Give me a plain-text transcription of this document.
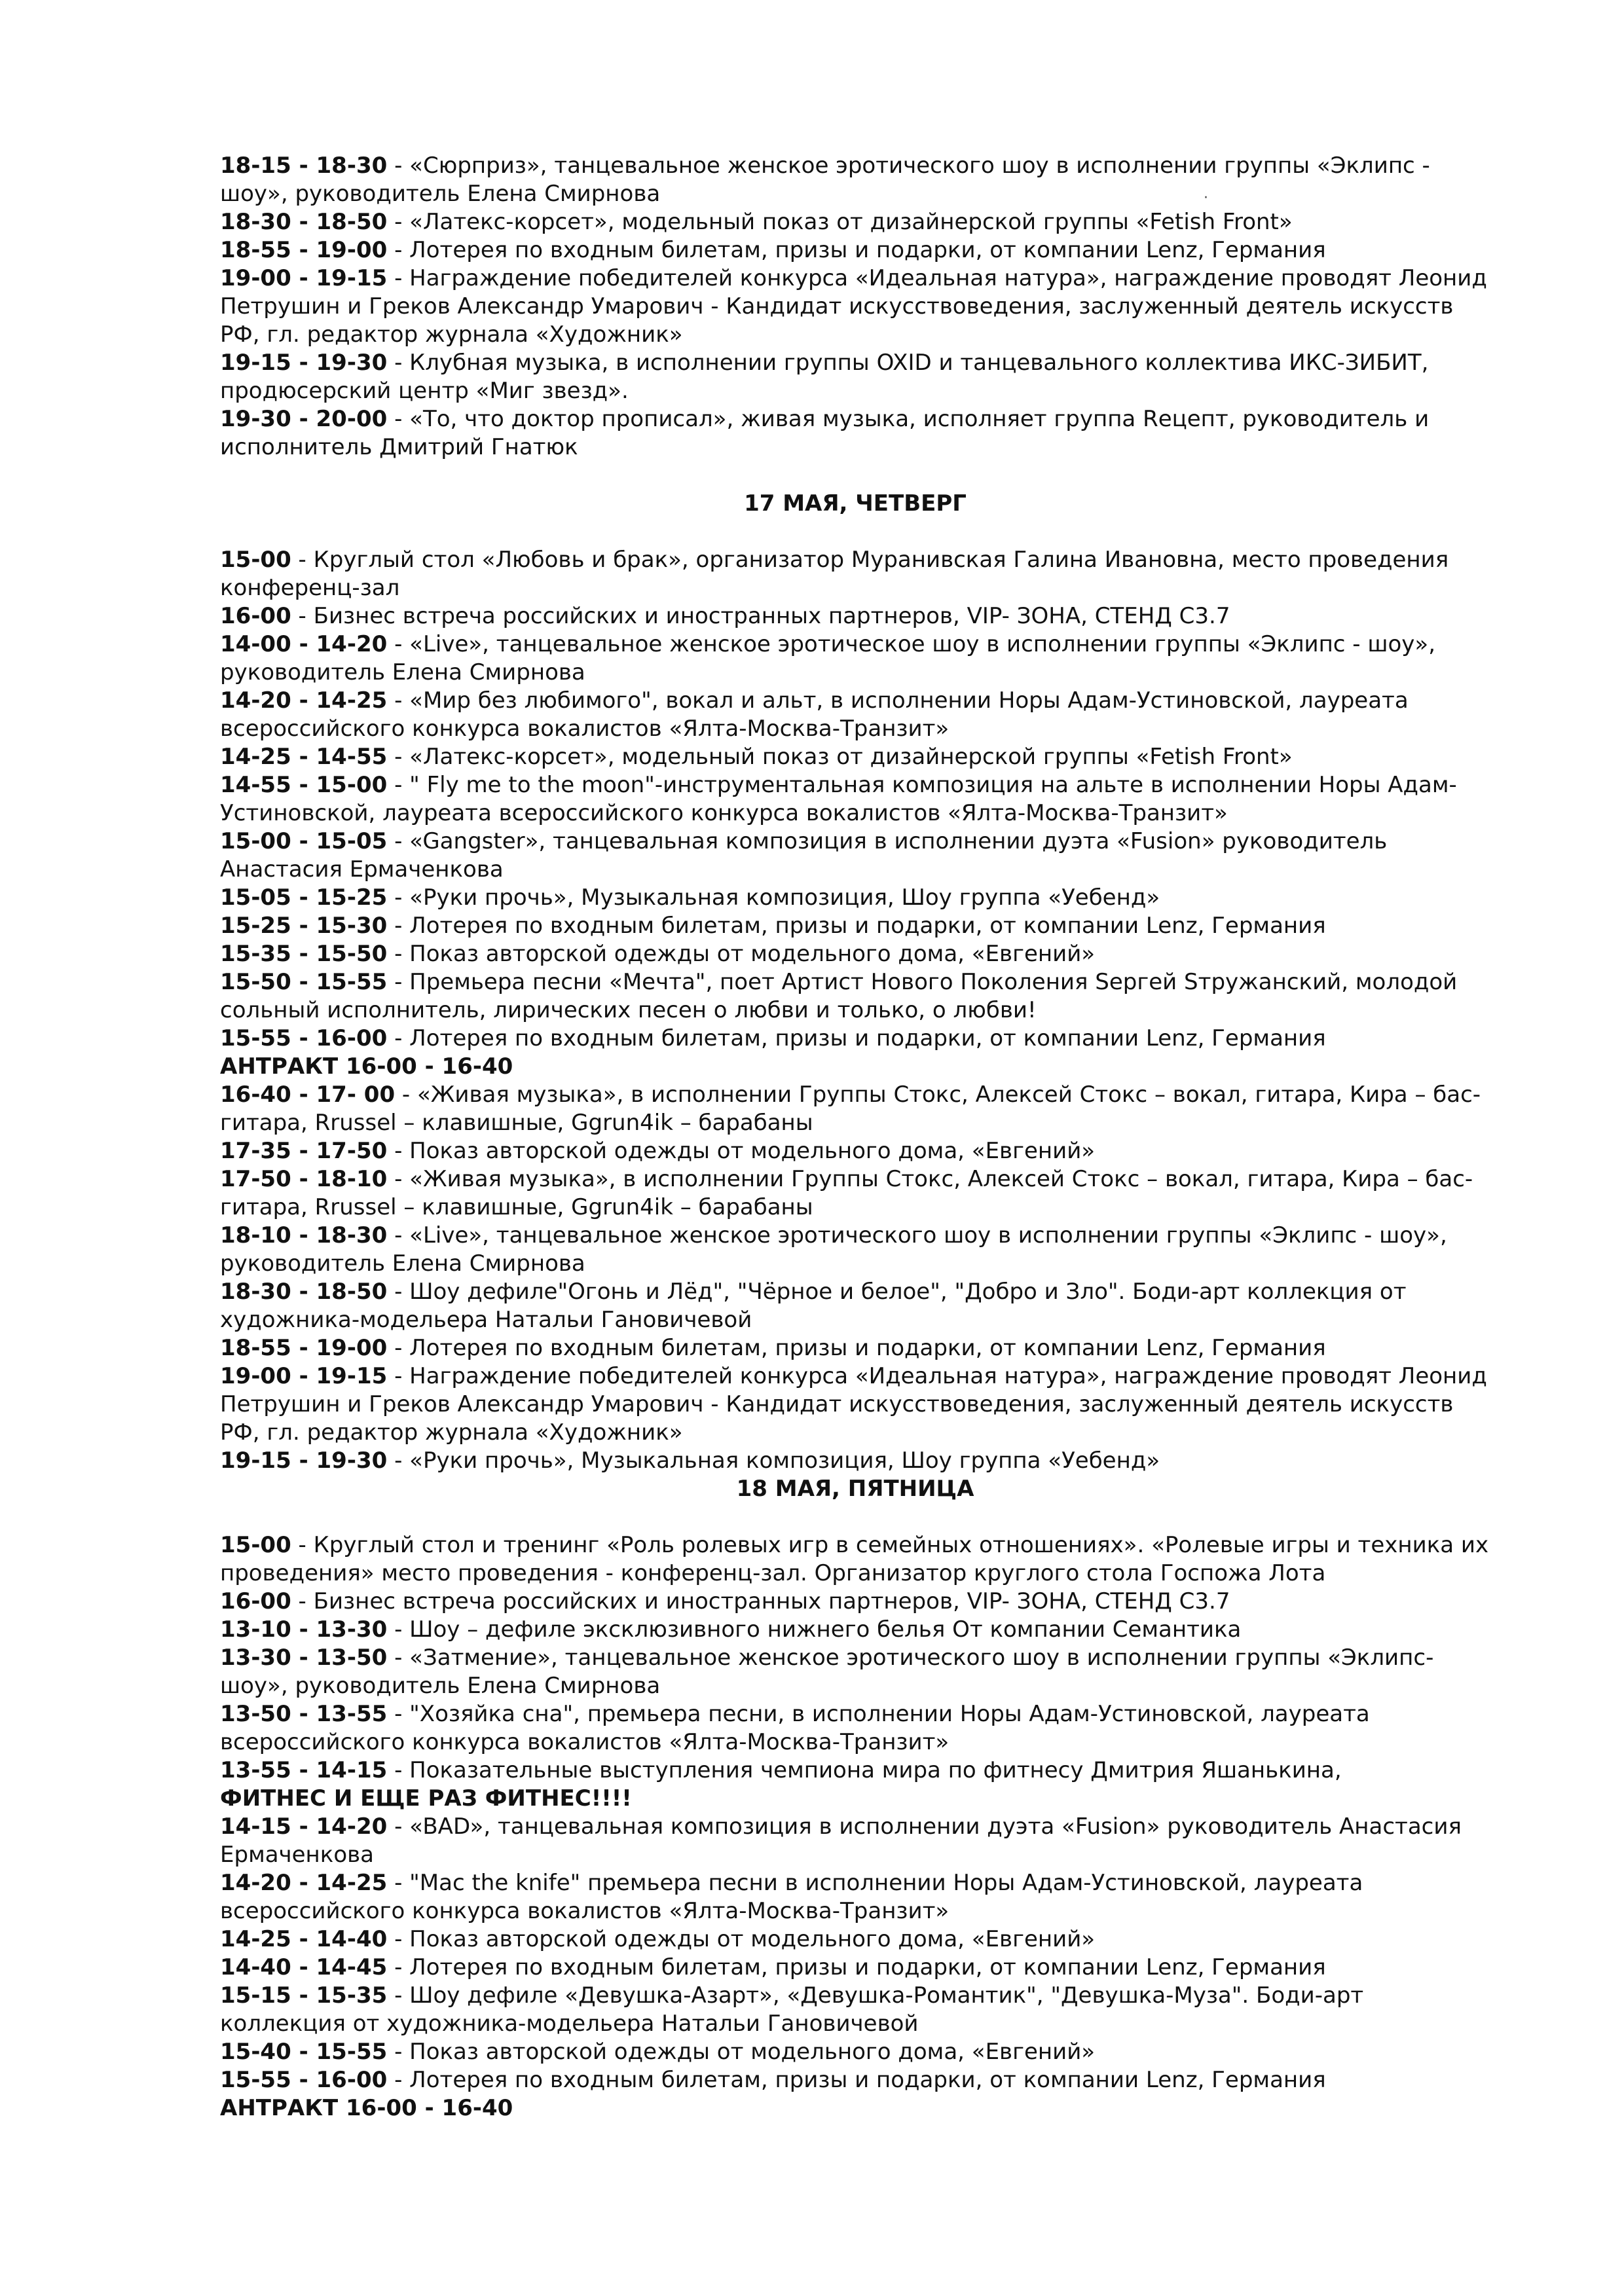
18-15 - 18-30 - «Сюрприз», танцевальное женское эротического шоу в исполнении группы «Эклипс - шоу», руководитель Елена Смирнова

18-30 - 18-50 - «Латекс-корсет», модельный показ от дизайнерской группы «Fetish Front»

18-55 - 19-00 - Лотерея по входным билетам, призы и подарки, от компании Lenz, Германия

19-00 - 19-15 - Награждение победителей конкурса «Идеальная натура», награждение проводят Леонид Петрушин и Греков Александр Умарович - Кандидат искусствоведения, заслуженный деятель искусств РФ, гл. редактор журнала «Художник»

19-15 - 19-30 - Клубная музыка, в исполнении группы OXID и танцевального коллектива ИКС-ЗИБИТ, продюсерский центр «Миг звезд».

19-30 - 20-00 - «То, что доктор прописал», живая музыка, исполняет группа Rецепт, руководитель и исполнитель Дмитрий Гнатюк

17 МАЯ, ЧЕТВЕРГ

15-00 - Круглый стол «Любовь и брак», организатор Муранивская Галина Ивановна, место проведения конференц-зал

16-00 - Бизнес встреча российских и иностранных партнеров, VIP- ЗОНА, СТЕНД С3.7

14-00 - 14-20 - «Live», танцевальное женское эротическое шоу в исполнении группы «Эклипс - шоу», руководитель Елена Смирнова

14-20 - 14-25 - «Мир без любимого", вокал и альт, в исполнении Норы Адам-Устиновской, лауреата всероссийского конкурса вокалистов «Ялта-Москва-Транзит»

14-25 - 14-55 - «Латекс-корсет», модельный показ от дизайнерской группы «Fetish Front»

14-55 - 15-00 - " Fly me to the moon"-инструментальная композиция на альте в исполнении Норы Адам-Устиновской, лауреата всероссийского конкурса вокалистов «Ялта-Москва-Транзит»

15-00 - 15-05 - «Gangster», танцевальная композиция в исполнении дуэта «Fusion» руководитель Анастасия Ермаченкова

15-05 - 15-25 - «Руки прочь», Музыкальная композиция, Шоу группа «Уебенд»

15-25 - 15-30 - Лотерея по входным билетам, призы и подарки, от компании Lenz, Германия

15-35 - 15-50 - Показ авторской одежды от модельного дома, «Евгений»

15-50 - 15-55 - Премьера песни «Мечта", поет Артист Нового Поколения Sергей Sтружанский, молодой сольный исполнитель, лирических песен о любви и только, о любви!

15-55 - 16-00 - Лотерея по входным билетам, призы и подарки, от компании Lenz, Германия

АНТРАКТ 16-00 - 16-40

16-40 - 17- 00 - «Живая музыка», в исполнении Группы Стокс, Алексей Стокс – вокал, гитара, Кира – бас-гитара, Rrussel – клавишные, Ggrun4ik – барабаны

17-35 - 17-50 - Показ авторской одежды от модельного дома, «Евгений»

17-50 - 18-10 - «Живая музыка», в исполнении Группы Стокс, Алексей Стокс – вокал, гитара, Кира – бас-гитара, Rrussel – клавишные, Ggrun4ik – барабаны

18-10 - 18-30 - «Live», танцевальное женское эротического шоу в исполнении группы «Эклипс - шоу», руководитель Елена Смирнова

18-30 - 18-50 - Шоу дефиле"Огонь и Лёд", "Чёрное и белое", "Добро и Зло". Боди-арт коллекция от художника-модельера Натальи Гановичевой

18-55 - 19-00 - Лотерея по входным билетам, призы и подарки, от компании Lenz, Германия

19-00 - 19-15 - Награждение победителей конкурса «Идеальная натура», награждение проводят Леонид Петрушин и Греков Александр Умарович - Кандидат искусствоведения, заслуженный деятель искусств РФ, гл. редактор журнала «Художник»

19-15 - 19-30 - «Руки прочь», Музыкальная композиция, Шоу группа «Уебенд»

18 МАЯ, ПЯТНИЦА

15-00 - Круглый стол и тренинг «Роль ролевых игр в семейных отношениях». «Ролевые игры и техника их проведения» место проведения - конференц-зал. Организатор круглого стола Госпожа Лота

16-00 - Бизнес встреча российских и иностранных партнеров, VIP- ЗОНА, СТЕНД С3.7

13-10 - 13-30 - Шоу – дефиле эксклюзивного нижнего белья От компании Семантика

13-30 - 13-50 - «Затмение», танцевальное женское эротического шоу в исполнении группы «Эклипс-шоу», руководитель Елена Смирнова

13-50 - 13-55 - "Хозяйка сна", премьера песни, в исполнении Норы Адам-Устиновской, лауреата всероссийского конкурса вокалистов «Ялта-Москва-Транзит»

13-55 - 14-15 - Показательные выступления чемпиона мира по фитнесу Дмитрия Яшанькина,

ФИТНЕС И ЕЩЕ РАЗ ФИТНЕС!!!!

14-15 - 14-20 - «BAD», танцевальная композиция в исполнении дуэта «Fusion» руководитель Анастасия Ермаченкова

14-20 - 14-25 - "Mac the knife" премьера песни в исполнении Норы Адам-Устиновской, лауреата всероссийского конкурса вокалистов «Ялта-Москва-Транзит»

14-25 - 14-40 - Показ авторской одежды от модельного дома, «Евгений»

14-40 - 14-45 - Лотерея по входным билетам, призы и подарки, от компании Lenz, Германия

15-15 - 15-35 - Шоу дефиле «Девушка-Азарт», «Девушка-Романтик", "Девушка-Муза". Боди-арт коллекция от художника-модельера Натальи Гановичевой

15-40 - 15-55 - Показ авторской одежды от модельного дома, «Евгений»

15-55 - 16-00 - Лотерея по входным билетам, призы и подарки, от компании Lenz, Германия

АНТРАКТ 16-00 - 16-40

·
